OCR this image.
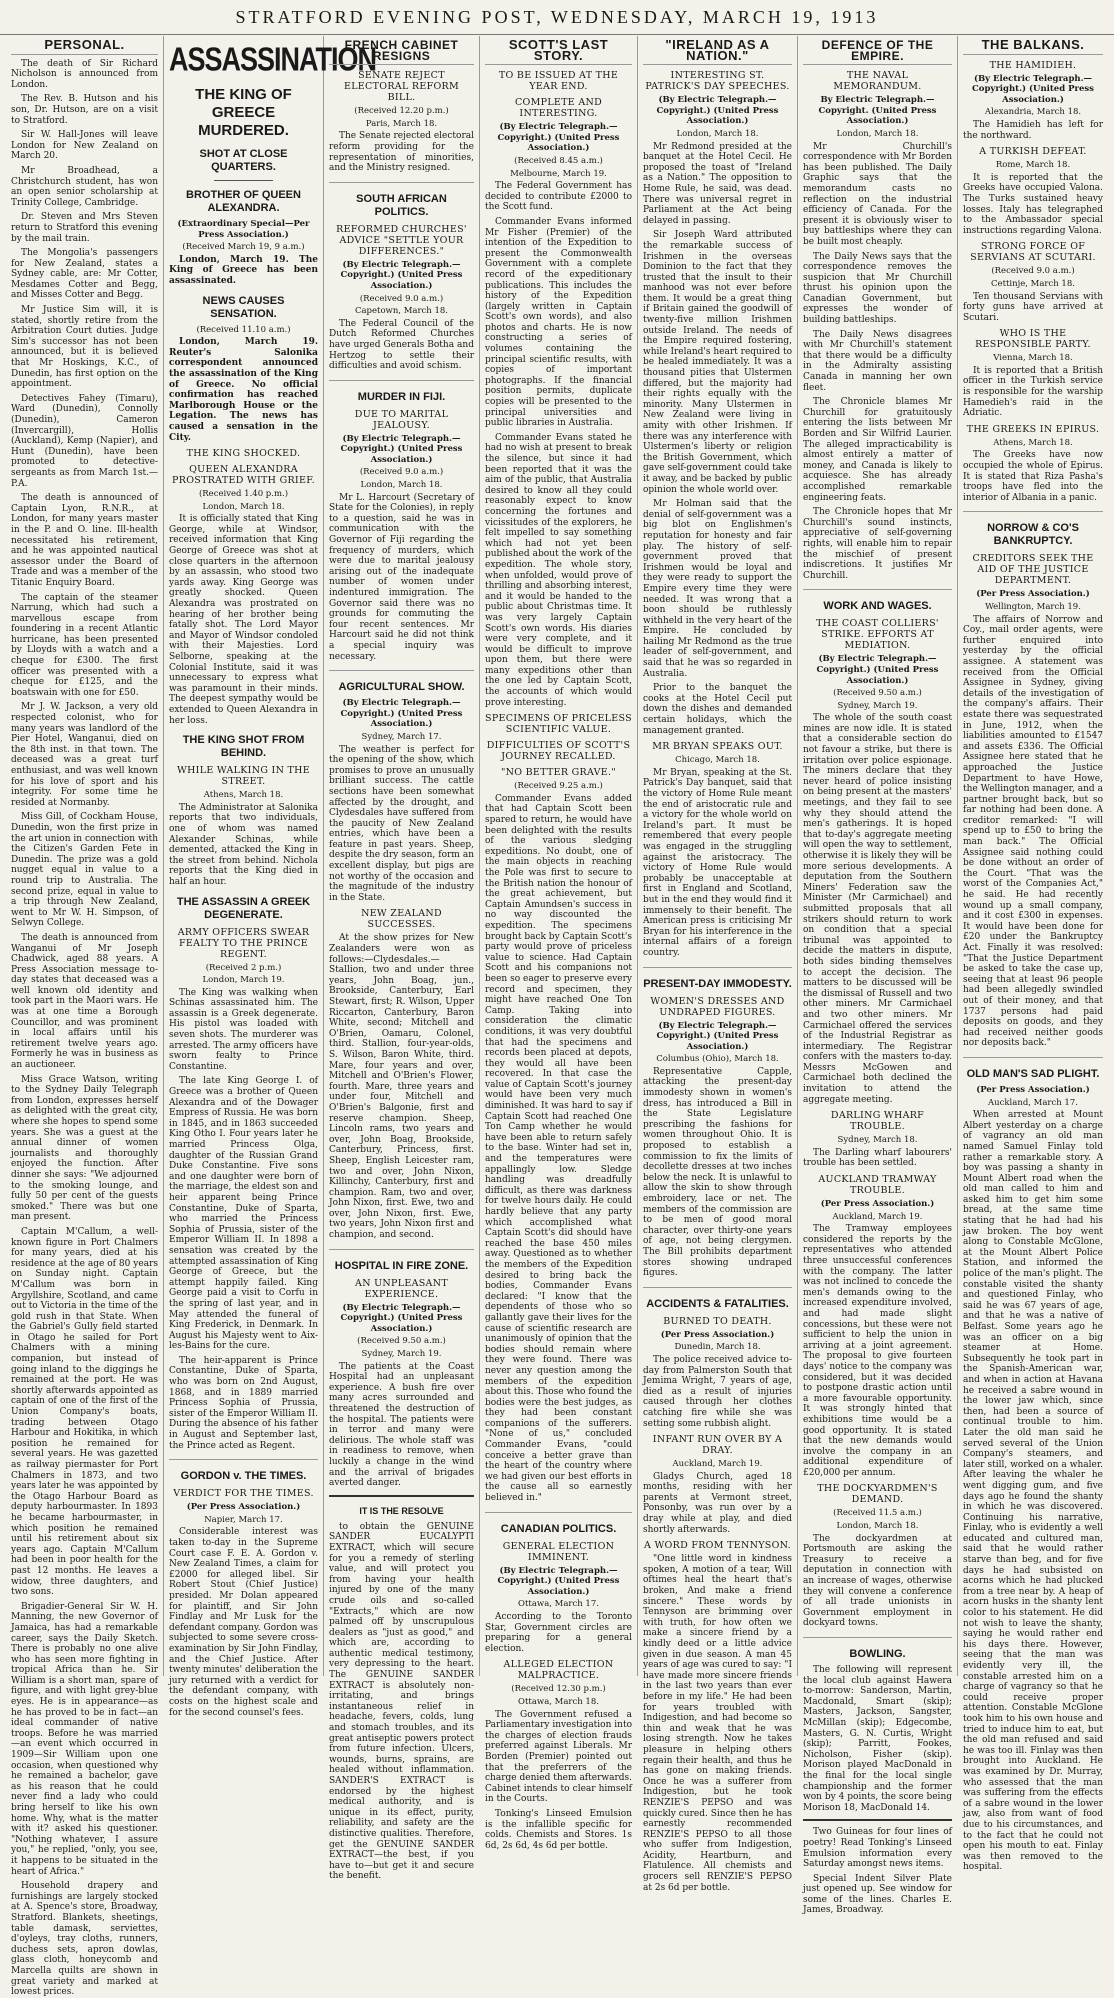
STRATFORD EVENING POST, WEDNESDAY, MARCH 19, 1913
PERSONAL.

The death of Sir Richard Nicholson is announced from London.

The Rev. B. Hutson and his son, Dr. Hutson, are on a visit to Stratford.

Sir W. Hall-Jones will leave London for New Zealand on March 20.

Mr Broadhead, a Christchurch student, has won an open senior scholarship at Trinity College, Cambridge.

Dr. Steven and Mrs Steven return to Stratford this evening by the mail train.

The Mongolia's passengers for New Zealand, states a Sydney cable, are: Mr Cotter, Mesdames Cotter and Begg, and Misses Cotter and Begg.

Mr Justice Sim will, it is stated, shortly retire from the Arbitration Court duties. Judge Sim's successor has not been announced, but it is believed that Mr Hoskings, K.C., of Dunedin, has first option on the appointment.

Detectives Fahey (Timaru), Ward (Dunedin), Connolly (Dunedin), Cameron (Invercargill), Hollis (Auckland), Kemp (Napier), and Hunt (Dunedin), have been promoted to detective-sergeants as from March 1st.—P.A.

The death is announced of Captain Lyon, R.N.R., at London, for many years master in the P. and O. line. Ill-health necessitated his retirement, and he was appointed nautical assessor under the Board of Trade and was a member of the Titanic Enquiry Board.

The captain of the steamer Narrung, which had such a marvellous escape from foundering in a recent Atlantic hurricane, has been presented by Lloyds with a watch and a cheque for £300. The first officer was presented with a cheque for £125, and the boatswain with one for £50.

Mr J. W. Jackson, a very old respected colonist, who for many years was landlord of the Pier Hotel, Wanganui, died on the 8th inst. in that town. The deceased was a great turf enthusiast, and was well known for his love of sport and his integrity. For some time he resided at Normanby.

Miss Gill, of Cockham House, Dunedin, won the first prize in the art union in connection with the Citizen's Garden Fete in Dunedin. The prize was a gold nugget equal in value to a round trip to Australia. The second prize, equal in value to a trip through New Zealand, went to Mr W. H. Simpson, of Selwyn College.

The death is announced from Wanganui of Mr Joseph Chadwick, aged 88 years. A Press Association message to-day states that deceased was a well known old identity and took part in the Maori wars. He was at one time a Borough Councillor, and was prominent in local affairs until his retirement twelve years ago. Formerly he was in business as an auctioneer.

Miss Grace Watson, writing to the Sydney Daily Telegraph from London, expresses herself as delighted with the great city, where she hopes to spend some years. She was a guest at the annual dinner of women journalists and thoroughly enjoyed the function. After dinner she says: "We adjourned to the smoking lounge, and fully 50 per cent of the guests smoked." There was but one man present.

Captain M'Callum, a well-known figure in Port Chalmers for many years, died at his residence at the age of 80 years on Sunday night. Captain M'Callum was born in Argyllshire, Scotland, and came out to Victoria in the time of the gold rush in that State. When the Gabriel's Gully field started in Otago he sailed for Port Chalmers with a mining companion, but instead of going inland to the diggings he remained at the port. He was shortly afterwards appointed as captain of one of the first of the Union Company's boats, trading between Otago Harbour and Hokitika, in which position he remained for several years. He was gazetted as railway piermaster for Port Chalmers in 1873, and two years later he was appointed by the Otago Harbour Board as deputy harbourmaster. In 1893 he became harbourmaster, in which position he remained until his retirement about six years ago. Captain M'Callum had been in poor health for the past 12 months. He leaves a widow, three daughters, and two sons.

Brigadier-General Sir W. H. Manning, the new Governor of Jamaica, has had a remarkable career, says the Daily Sketch. There is probably no one alive who has seen more fighting in tropical Africa than he. Sir William is a short man, spare of figure, and with light grey-blue eyes. He is in appearance—as he has proved to be in fact—an ideal commander of native troops. Before he was married—an event which occurred in 1909—Sir William upon one occasion, when questioned why he remained a bachelor, gave as his reason that he could never find a lady who could bring herself to like his own home. Why, what is the matter with it? asked his questioner. "Nothing whatever, I assure you," he replied, "only, you see, it happens to be situated in the heart of Africa."

Household drapery and furnishings are largely stocked at A. Spence's store, Broadway, Stratford. Blankets, sheetings, table damask, serviettes, d'oyleys, tray cloths, runners, duchess sets, apron dowlas, glass cloth, honeycomb and Marcella quilts are shown in great variety and marked at lowest prices.

ASSASSINATION
THE KING OF GREECE MURDERED.
SHOT AT CLOSE QUARTERS.
BROTHER OF QUEEN ALEXANDRA.
(Extraordinary Special—Per Press Association.)
(Received March 19, 9 a.m.)

London, March 19. The King of Greece has been assassinated.

NEWS CAUSES SENSATION.
(Received 11.10 a.m.)

London, March 19. Reuter's Salonika correspondent announced the assassination of the King of Greece. No official confirmation has reached Marlborough House or the Legation. The news has caused a sensation in the City.

THE KING SHOCKED.
QUEEN ALEXANDRA PROSTRATED WITH GRIEF.
(Received 1.40 p.m.)
London, March 18.

It is officially stated that King George, while at Windsor, received information that King George of Greece was shot at close quarters in the afternoon by an assassin, who stood two yards away. King George was greatly shocked. Queen Alexandra was prostrated on hearing of her brother being fatally shot. The Lord Mayor and Mayor of Windsor condoled with their Majesties. Lord Selborne, speaking at the Colonial Institute, said it was unnecessary to express what was paramount in their minds. The deepest sympathy would be extended to Queen Alexandra in her loss.

THE KING SHOT FROM BEHIND.
WHILE WALKING IN THE STREET.
Athens, March 18.

The Administrator at Salonika reports that two individuals, one of whom was named Alexander Schinas, while demented, attacked the King in the street from behind. Nichola reports that the King died in half an hour.

THE ASSASSIN A GREEK DEGENERATE.
ARMY OFFICERS SWEAR FEALTY TO THE PRINCE REGENT.
(Received 2 p.m.)
London, March 19.

The King was walking when Schinas assassinated him. The assassin is a Greek degenerate. His pistol was loaded with seven shots. The murderer was arrested. The army officers have sworn fealty to Prince Constantine.

The late King George I. of Greece was a brother of Queen Alexandra and of the Dowager Empress of Russia. He was born in 1845, and in 1863 succeeded King Otho I. Four years later he married Princess Olga, daughter of the Russian Grand Duke Constantine. Five sons and one daughter were born of the marriage, the eldest son and heir apparent being Prince Constantine, Duke of Sparta, who married the Princess Sophia of Prussia, sister of the Emperor William II. In 1898 a sensation was created by the attempted assassination of King George of Greece, but the attempt happily failed. King George paid a visit to Corfu in the spring of last year, and in May attended the funeral of King Frederick, in Denmark. In August his Majesty went to Aix-les-Bains for the cure.

The heir-apparent is Prince Constantine, Duke of Sparta, who was born on 2nd August, 1868, and in 1889 married Princess Sophia of Prussia, sister of the Emperor William II. During the absence of his father in August and September last, the Prince acted as Regent.

GORDON v. THE TIMES.
VERDICT FOR THE TIMES.
(Per Press Association.)
Napier, March 17.

Considerable interest was taken to-day in the Supreme Court case F. E. A. Gordon v. New Zealand Times, a claim for £2000 for alleged libel. Sir Robert Stout (Chief Justice) presided. Mr Dolan appeared for plaintiff, and Sir John Findlay and Mr Lusk for the defendant company. Gordon was subjected to some severe cross-examination by Sir John Findlay, and the Chief Justice. After twenty minutes' deliberation the jury returned with a verdict for the defendant company, with costs on the highest scale and for the second counsel's fees.

FRENCH CABINET RESIGNS
SENATE REJECT ELECTORAL REFORM BILL.
(Received 12.20 p.m.)
Paris, March 18.

The Senate rejected electoral reform providing for the representation of minorities, and the Ministry resigned.

SOUTH AFRICAN POLITICS.
REFORMED CHURCHES' ADVICE "SETTLE YOUR DIFFERENCES."
(By Electric Telegraph.—Copyright.) (United Press Association.)
(Received 9.0 a.m.)
Capetown, March 18.

The Federal Council of the Dutch Reformed Churches have urged Generals Botha and Hertzog to settle their difficulties and avoid schism.

MURDER IN FIJI.
DUE TO MARITAL JEALOUSY.
(By Electric Telegraph.—Copyright.) (United Press Association.)
(Received 9.0 a.m.)
London, March 18.

Mr L. Harcourt (Secretary of State for the Colonies), in reply to a question, said he was in communication with the Governor of Fiji regarding the frequency of murders, which were due to marital jealousy arising out of the inadequate number of women under indentured immigration. The Governor said there was no grounds for commuting the four recent sentences. Mr Harcourt said he did not think a special inquiry was necessary.

AGRICULTURAL SHOW.
(By Electric Telegraph.—Copyright.) (United Press Association.)
Sydney, March 17.

The weather is perfect for the opening of the show, which promises to prove an unusually brilliant success. The cattle sections have been somewhat affected by the drought, and Clydesdales have suffered from the paucity of New Zealand entries, which have been a feature in past years. Sheep, despite the dry season, form an excellent display, but pigs are not worthy of the occasion and the magnitude of the industry in the State.

NEW ZEALAND SUCCESSES.

At the show prizes for New Zealanders were won as follows:—Clydesdales.—Stallion, two and under three years, John Boag, jun., Brookside, Canterbury, Earl Stewart, first; R. Wilson, Upper Riccarton, Canterbury, Baron White, second; Mitchell and O'Brien, Oamaru, Colonel, third. Stallion, four-year-olds, S. Wilson, Baron White, third. Mare, four years and over, Mitchell and O'Brien's Flower, fourth. Mare, three years and under four, Mitchell and O'Brien's Balgonie, first and reserve champion. Sheep, Lincoln rams, two years and over, John Boag, Brookside, Canterbury, Princess, first. Sheep, English Leicester ram, two and over, John Nixon, Killinchy, Canterbury, first and champion. Ram, two and over, John Nixon, first. Ewe, two and over, John Nixon, first. Ewe, two years, John Nixon first and champion, and second.

HOSPITAL IN FIRE ZONE.
AN UNPLEASANT EXPERIENCE.
(By Electric Telegraph.—Copyright.) (United Press Association.)
(Received 9.50 a.m.)
Sydney, March 19.

The patients at the Coast Hospital had an unpleasant experience. A bush fire over many acres surrounded and threatened the destruction of the hospital. The patients were in terror and many were delirious. The whole staff was in readiness to remove, when luckily a change in the wind and the arrival of brigades averted danger.

IT IS THE RESOLVE

to obtain the GENUINE SANDER EUCALYPTI EXTRACT, which will secure for you a remedy of sterling value, and will protect you from having your health injured by one of the many crude oils and so-called "Extracts," which are now palmed off by unscrupulous dealers as "just as good," and which are, according to authentic medical testimony, very depressing to the heart. The GENUINE SANDER EXTRACT is absolutely non-irritating, and brings instantaneous relief in headache, fevers, colds, lung and stomach troubles, and its great antiseptic powers protect from future infection. Ulcers, wounds, burns, sprains, are healed without inflammation. SANDER'S EXTRACT is endorsed by the highest medical authority, and is unique in its effect, purity, reliability, and safety are the distinctive qualities. Therefore, get the GENUINE SANDER EXTRACT—the best, if you have to—but get it and secure the benefit.

SCOTT'S LAST STORY.
TO BE ISSUED AT THE YEAR END.
COMPLETE AND INTERESTING.
(By Electric Telegraph.—Copyright.) (United Press Association.)
(Received 8.45 a.m.)
Melbourne, March 19.

The Federal Government has decided to contribute £2000 to the Scott fund.

Commander Evans informed Mr Fisher (Premier) of the intention of the Expedition to present the Commonwealth Government with a complete record of the expeditionary publications. This includes the history of the Expedition (largely written in Captain Scott's own words), and also photos and charts. He is now constructing a series of volumes containing the principal scientific results, with copies of important photographs. If the financial position permits, duplicate copies will be presented to the principal universities and public libraries in Australia.

Commander Evans stated he had no wish at present to break the silence, but since it had been reported that it was the aim of the public, that Australia desired to know all they could reasonably expect to know concerning the fortunes and vicissitudes of the explorers, he felt impelled to say something which had not yet been published about the work of the expedition. The whole story, when unfolded, would prove of thrilling and absorbing interest, and it would be handed to the public about Christmas time. It was very largely Captain Scott's own words. His diaries were very complete, and it would be difficult to improve upon them, but there were many expeditions other than the one led by Captain Scott, the accounts of which would prove interesting.

SPECIMENS OF PRICELESS SCIENTIFIC VALUE.
DIFFICULTIES OF SCOTT'S JOURNEY RECALLED.
"NO BETTER GRAVE."
(Received 9.25 a.m.)

Commander Evans added that had Captain Scott been spared to return, he would have been delighted with the results of the various sledging expeditions. No doubt, one of the main objects in reaching the Pole was first to secure to the British nation the honour of the great achievement, but Captain Amundsen's success in no way discounted the expedition. The specimens brought back by Captain Scott's party would prove of priceless value to science. Had Captain Scott and his companions not been so eager to preserve every record and specimen, they might have reached One Ton Camp. Taking into consideration the climatic conditions, it was very doubtful that had the specimens and records been placed at depots, they would all have been recovered. In that case the value of Captain Scott's journey would have been very much diminished. It was hard to say if Captain Scott had reached One Ton Camp whether he would have been able to return safely to the base. Winter had set in, and the temperatures were appallingly low. Sledge handling was dreadfully difficult, as there was darkness for twelve hours daily. He could hardly believe that any party which accomplished what Captain Scott's did should have reached the base 450 miles away. Questioned as to whether the members of the Expedition desired to bring back the bodies, Commander Evans declared: "I know that the dependents of those who so gallantly gave their lives for the cause of scientific research are unanimously of opinion that the bodies should remain where they were found. There was never any question among the members of the expedition about this. Those who found the bodies were the best judges, as they had been constant companions of the sufferers. "None of us," concluded Commander Evans, "could conceive a better grave than the heart of the country where we had given our best efforts in the cause all so earnestly believed in."

CANADIAN POLITICS.
GENERAL ELECTION IMMINENT.
(By Electric Telegraph.—Copyright.) (United Press Association.)
Ottawa, March 17.

According to the Toronto Star, Government circles are preparing for a general election.

ALLEGED ELECTION MALPRACTICE.
(Received 12.30 p.m.)
Ottawa, March 18.

The Government refused a Parliamentary investigation into the charges of election frauds preferred against Liberals. Mr Borden (Premier) pointed out that the preferrers of the charge denied them afterwards. Cabinet intends to clear himself in the Courts.

Tonking's Linseed Emulsion is the infallible specific for colds. Chemists and Stores. 1s 6d, 2s 6d, 4s 6d per bottle.

"IRELAND AS A NATION."
INTERESTING ST. PATRICK'S DAY SPEECHES.
(By Electric Telegraph.—Copyright.) (United Press Association.)
London, March 18.

Mr Redmond presided at the banquet at the Hotel Cecil. He proposed the toast of "Ireland as a Nation." The opposition to Home Rule, he said, was dead. There was universal regret in Parliament at the Act being delayed in passing.

Sir Joseph Ward attributed the remarkable success of Irishmen in the overseas Dominion to the fact that they trusted that the insult to their manhood was not ever before them. It would be a great thing if Britain gained the goodwill of twenty-five million Irishmen outside Ireland. The needs of the Empire required fostering, while Ireland's heart required to be healed immediately. It was a thousand pities that Ulstermen differed, but the majority had their rights equally with the minority. Many Ulstermen in New Zealand were living in amity with other Irishmen. If there was any interference with Ulstermen's liberty or religion the British Government, which gave self-government could take it away, and be backed by public opinion the whole world over.

Mr Holman said that the denial of self-government was a big blot on Englishmen's reputation for honesty and fair play. The history of self-government proved that Irishmen would be loyal and they were ready to support the Empire every time they were needed. It was wrong that a boon should be ruthlessly withheld in the very heart of the Empire. He concluded by hailing Mr Redmond as the true leader of self-government, and said that he was so regarded in Australia.

Prior to the banquet the cooks at the Hotel Cecil put down the dishes and demanded certain holidays, which the management granted.

MR BRYAN SPEAKS OUT.
Chicago, March 18.

Mr Bryan, speaking at the St. Patrick's Day banquet, said that the victory of Home Rule meant the end of aristocratic rule and a victory for the whole world on Ireland's part. It must be remembered that every people was engaged in the struggling against the aristocracy. The victory of Home Rule would probably be unacceptable at first in England and Scotland, but in the end they would find it immensely to their benefit. The American press is criticising Mr Bryan for his interference in the internal affairs of a foreign country.

PRESENT-DAY IMMODESTY.
WOMEN'S DRESSES AND UNDRAPED FIGURES.
(By Electric Telegraph.—Copyright.) (United Press Association.)
Columbus (Ohio), March 18.

Representative Capple, attacking the present-day immodesty shown in women's dress, has introduced a Bill in the State Legislature prescribing the fashions for women throughout Ohio. It is proposed to establish a commission to fix the limits of decollette dresses at two inches below the neck. It is unlawful to allow the skin to show through embroidery, lace or net. The members of the commission are to be men of good moral character, over thirty-one years of age, not being clergymen. The Bill prohibits department stores showing undraped figures.

ACCIDENTS & FATALITIES.
BURNED TO DEATH.
(Per Press Association.)
Dunedin, March 18.

The police received advice to-day from Palmerston South that Jemima Wright, 7 years of age, died as a result of injuries caused through her clothes catching fire while she was setting some rubbish alight.

INFANT RUN OVER BY A DRAY.
Auckland, March 19.

Gladys Church, aged 18 months, residing with her parents at Vermont street, Ponsonby, was run over by a dray while at play, and died shortly afterwards.

A WORD FROM TENNYSON.

"One little word in kindness spoken, A motion of a tear, Will oftimes heal the heart that's broken, And make a friend sincere." These words by Tennyson are brimming over with truth, for how often we make a sincere friend by a kindly deed or a little advice given in due season. A man 45 years of age was cured to say: "I have made more sincere friends in the last two years than ever before in my life." He had been for years troubled with Indigestion, and had become so thin and weak that he was losing strength. Now he takes pleasure in helping others regain their health, and thus he has gone on making friends. Once he was a sufferer from Indigestion, but he took RENZIE'S PEPSO and was quickly cured. Since then he has earnestly recommended RENZIE'S PEPSO to all those who suffer from Indigestion, Acidity, Heartburn, and Flatulence. All chemists and grocers sell RENZIE'S PEPSO at 2s 6d per bottle.

DEFENCE OF THE EMPIRE.
THE NAVAL MEMORANDUM.
By Electric Telegraph.—Copyright. (United Press Association.)
London, March 18.

Mr Churchill's correspondence with Mr Borden has been published. The Daily Graphic says that the memorandum casts no reflection on the industrial efficiency of Canada. For the present it is obviously wiser to buy battleships where they can be built most cheaply.

The Daily News says that the correspondence removes the suspicion that Mr Churchill thrust his opinion upon the Canadian Government, but expresses the wonder of building battleships.

The Daily News disagrees with Mr Churchill's statement that there would be a difficulty in the Admiralty assisting Canada in manning her own fleet.

The Chronicle blames Mr Churchill for gratuitously entering the lists between Mr Borden and Sir Wilfrid Laurier. The alleged impracticability is almost entirely a matter of money, and Canada is likely to acquiesce. She has already accomplished remarkable engineering feats.

The Chronicle hopes that Mr Churchill's sound instincts, appreciative of self-governing rights, will enable him to repair the mischief of present indiscretions. It justifies Mr Churchill.

WORK AND WAGES.
THE COAST COLLIERS' STRIKE. EFFORTS AT MEDIATION.
(By Electric Telegraph.—Copyright.) (United Press Association.)
(Received 9.50 a.m.)
Sydney, March 19.

The whole of the south coast mines are now idle. It is stated that a considerable section do not favour a strike, but there is irritation over police espionage. The miners declare that they never heard of police insisting on being present at the masters' meetings, and they fail to see why they should attend the men's gatherings. It is hoped that to-day's aggregate meeting will open the way to settlement, otherwise it is likely they will be more serious developments. A deputation from the Southern Miners' Federation saw the Minister (Mr Carmichael) and submitted proposals that all strikers should return to work on condition that a special tribunal was appointed to decide the matters in dispute, both sides binding themselves to accept the decision. The matters to be discussed will be the dismissal of Russell and two other miners. Mr Carmichael and two other miners. Mr Carmichael offered the services of the Industrial Registrar as intermediary. The Registrar confers with the masters to-day. Messrs McGowen and Carmichael both declined the invitation to attend the aggregate meeting.

DARLING WHARF TROUBLE.
Sydney, March 18.

The Darling wharf labourers' trouble has been settled.

AUCKLAND TRAMWAY TROUBLE.
(Per Press Association.)
Auckland, March 19.

The Tramway employees considered the reports by the representatives who attended three unsuccessful conferences with the company. The latter was not inclined to concede the men's demands owing to the increased expenditure involved, and had made slight concessions, but these were not sufficient to help the union in arriving at a joint agreement. The proposal to give fourteen days' notice to the company was considered, but it was decided to postpone drastic action until a more favourable opportunity. It was strongly hinted that exhibitions time would be a good opportunity. It is stated that the new demands would involve the company in an additional expenditure of £20,000 per annum.

THE DOCKYARDMEN'S DEMAND.
(Received 11.5 a.m.)
London, March 18.

The dockyardmen at Portsmouth are asking the Treasury to receive a deputation in connection with an increase of wages, otherwise they will convene a conference of all trade unionists in Government employment in dockyard towns.

BOWLING.

The following will represent the local club against Hawera to-morrow: Sanderson, Martin, Macdonald, Smart (skip); Masters, Jackson, Sangster, McMillan (skip); Edgecombe, Masters, G. N. Curtis, Wright (skip); Parritt, Fookes, Nicholson, Fisher (skip). Morison played MacDonald in the final for the local single championship and the former won by 4 points, the score being Morison 18, MacDonald 14.

Two Guineas for four lines of poetry! Read Tonking's Linseed Emulsion information every Saturday amongst news items.

Special Indent Silver Plate just opened up. See window for some of the lines. Charles E. James, Broadway.

THE BALKANS.
THE HAMIDIEH.
(By Electric Telegraph.—Copyright.) (United Press Association.)
Alexandria, March 18.

The Hamidieh has left for the northward.

A TURKISH DEFEAT.
Rome, March 18.

It is reported that the Greeks have occupied Valona. The Turks sustained heavy losses. Italy has telegraphed to the Ambassador special instructions regarding Valona.

STRONG FORCE OF SERVIANS AT SCUTARI.
(Received 9.0 a.m.)
Cettinje, March 18.

Ten thousand Servians with forty guns have arrived at Scutari.

WHO IS THE RESPONSIBLE PARTY.
Vienna, March 18.

It is reported that a British officer in the Turkish service is responsible for the warship Hamedieh's raid in the Adriatic.

THE GREEKS IN EPIRUS.
Athens, March 18.

The Greeks have now occupied the whole of Epirus. It is stated that Riza Pasha's troops have fled into the interior of Albania in a panic.

NORROW & CO'S BANKRUPTCY.
CREDITORS SEEK THE AID OF THE JUSTICE DEPARTMENT.
(Per Press Association.)
Wellington, March 19.

The affairs of Norrow and Coy., mail order agents, were further enquired into yesterday by the official assignee. A statement was received from the Official Assignee in Sydney, giving details of the investigation of the company's affairs. Their estate there was sequestrated in June, 1912, when the liabilities amounted to £1547 and assets £336. The Official Assignee here stated that he approached the Justice Department to have Howe, the Wellington manager, and a partner brought back, but so far nothing had been done. A creditor remarked: "I will spend up to £50 to bring the man back." The Official Assignee said nothing could be done without an order of the Court. "That was the worst of the Companies Act," he said. He had recently wound up a small company, and it cost £300 in expenses. It would have been done for £20 under the Bankruptcy Act. Finally it was resolved: "That the Justice Department be asked to take the case up, seeing that at least 96 people had been allegedly swindled out of their money, and that 1737 persons had paid deposits on goods, and they had received neither goods nor deposits back."

OLD MAN'S SAD PLIGHT.
(Per Press Association.)
Auckland, March 17.

When arrested at Mount Albert yesterday on a charge of vagrancy an old man named Samuel Finlay told rather a remarkable story. A boy was passing a shanty in Mount Albert road when the old man called to him and asked him to get him some bread, at the same time stating that he had had his jaw broken. The boy went along to Constable McGlone, at the Mount Albert Police Station, and informed the police of the man's plight. The constable visited the shanty and questioned Finlay, who said he was 67 years of age, and that he was a native of Belfast. Some years ago he was an officer on a big steamer at Home. Subsequently he took part in the Spanish-American war, and when in action at Havana he received a sabre wound in the lower jaw which, since then, had been a source of continual trouble to him. Later the old man said he served several of the Union Company's steamers, and later still, worked on a whaler. After leaving the whaler he went digging gum, and five days ago he found the shanty in which he was discovered. Continuing his narrative, Finlay, who is evidently a well educated and cultured man, said that he would rather starve than beg, and for five days he had subsisted on acorns which he had plucked from a tree near by. A heap of acorn husks in the shanty lent color to his statement. He did not wish to leave the shanty, saying he would rather end his days there. However, seeing that the man was evidently very ill, the constable arrested him on a charge of vagrancy so that he could receive proper attention. Constable McGlone took him to his own house and tried to induce him to eat, but the old man refused and said he was too ill. Finlay was then brought into Auckland. He was examined by Dr. Murray, who assessed that the man was suffering from the effects of a sabre wound in the lower jaw, also from want of food due to his circumstances, and to the fact that he could not open his mouth to eat. Finlay was then removed to the hospital.
